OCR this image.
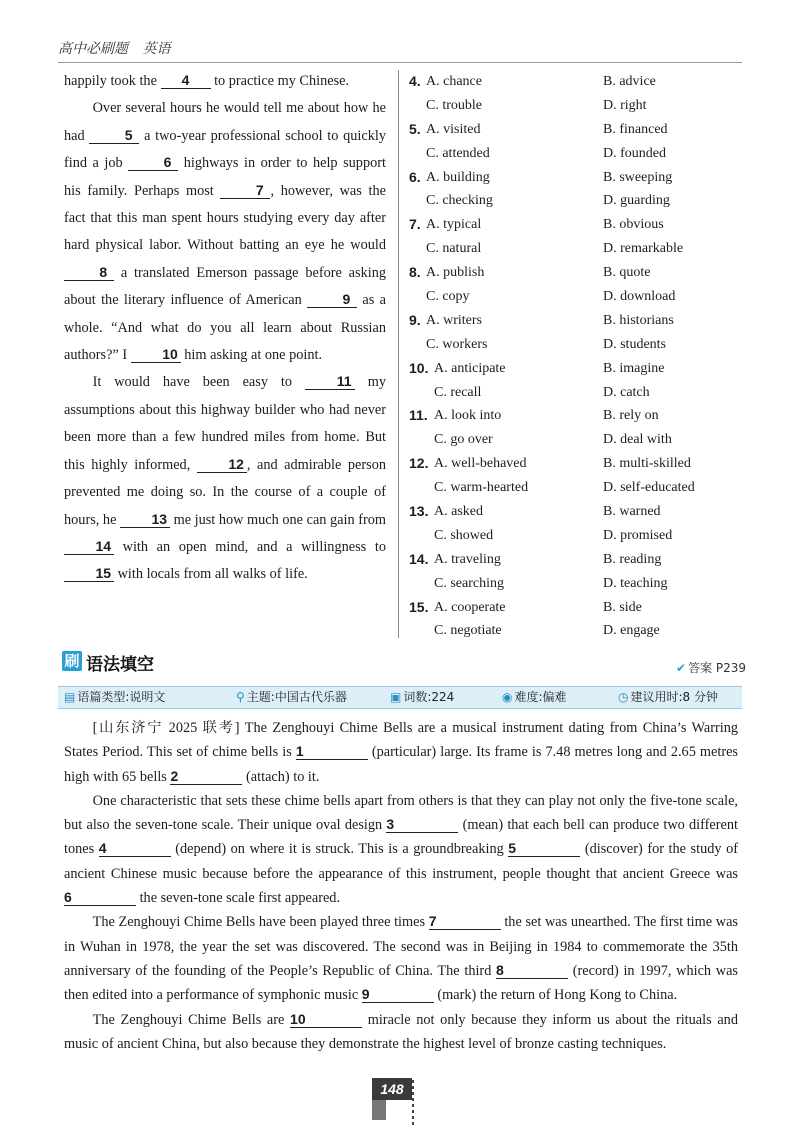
高中必刷题 英语

happily took the 4 to practice my Chinese.

Over several hours he would tell me about how he had	5 a two-year professional school to quickly find a job	6 highways in order to help support his family. Perhaps most	7 , however, was the fact that this man spent hours studying every day after hard physical labor. Without batting an eye he would 8 a translated Emerson passage before asking about the literary influence of American	9 as a whole. “And what do you all learn about Russian authors?” I 10 him asking at one point.

It would have been easy to 11 my assumptions about this highway builder who had never been more than a few hundred miles from home. But this highly informed, 12 , and admirable person prevented me doing so. In the course of a couple of hours, he 13 me just how much one can gain from 14 with an open mind, and a willingness to 15 with locals from all walks of life.

4. A. chance	B. advice
C. trouble	D. right
5. A. visited	B. financed
C. attended	D. founded
6. A. building	B. sweeping
C. checking	D. guarding
7. A. typical	B. obvious
C. natural	D. remarkable
8. A. publish	B. quote
C. copy	D. download
9. A. writers	B. historians
C. workers	D. students
10. A. anticipate	B. imagine
C. recall	D. catch
11. A. look into	B. rely on
C. go over	D. deal with
12. A. well-behaved	B. multi-skilled
C. warm-hearted	D. self-educated
13. A. asked	B. warned
C. showed	D. promised
14. A. traveling	B. reading
C. searching	D. teaching
15. A. cooperate	B. side
C. negotiate	D. engage
刷 语法填空	✔ 答案 P239
▤ 语篇类型:说明文	⚲ 主题:中国古代乐器	▣ 词数:224	◉ 难度:偏难	◷ 建议用时:8 分钟

[山东济宁 2025 联考] The Zenghouyi Chime Bells are a musical instrument dating from China’s Warring States Period. This set of chime bells is 1	(particular) large. Its frame is 7.48 metres long and 2.65 metres high with 65 bells 2	(attach) to it.

One characteristic that sets these chime bells apart from others is that they can play not only the five-tone scale, but also the seven-tone scale. Their unique oval design 3	(mean) that each bell can produce two different tones 4	(depend) on where it is struck. This is a groundbreaking 5	(discover) for the study of ancient Chinese music because before the appearance of this instrument, people thought that ancient Greece was 6	the seven-tone scale first appeared.

The Zenghouyi Chime Bells have been played three times 7	the set was unearthed. The first time was in Wuhan in 1978, the year the set was discovered. The second was in Beijing in 1984 to commemorate the 35th anniversary of the founding of the People’s Republic of China. The third 8	(record) in 1997, which was then edited into a performance of symphonic music 9	(mark) the return of Hong Kong to China.

The Zenghouyi Chime Bells are 10	miracle not only because they inform us about the rituals and music of ancient China, but also because they demonstrate the highest level of bronze casting techniques.

148
